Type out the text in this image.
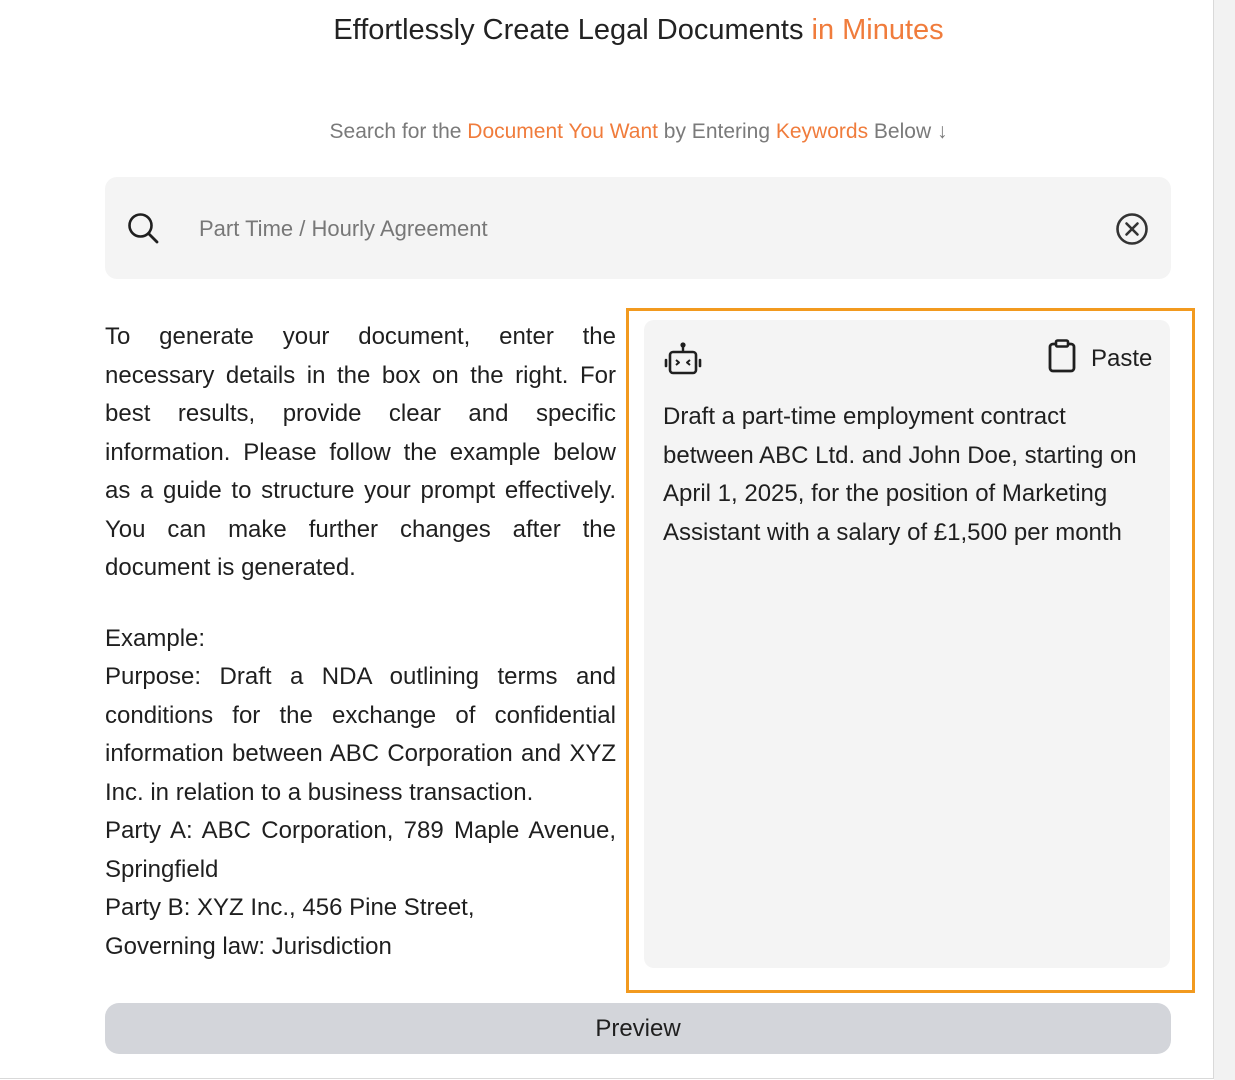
Effortlessly Create Legal Documents in Minutes
Search for the Document You Want by Entering Keywords Below ↓
Part Time / Hourly Agreement

To generate your document, enter the necessary details in the box on the right. For best results, provide clear and specific information. Please follow the example below as a guide to structure your prompt effectively. You can make further changes after the document is generated.

Example:

Purpose: Draft a NDA outlining terms and conditions for the exchange of confidential information between ABC Corporation and XYZ Inc. in relation to a business transaction.

Party A: ABC Corporation, 789 Maple Avenue, Springfield

Party B: XYZ Inc., 456 Pine Street,

Governing law: Jurisdiction

Paste
Draft a part-time employment contract between ABC Ltd. and John Doe, starting on April 1, 2025, for the position of Marketing Assistant with a salary of £1,500 per month
Preview
